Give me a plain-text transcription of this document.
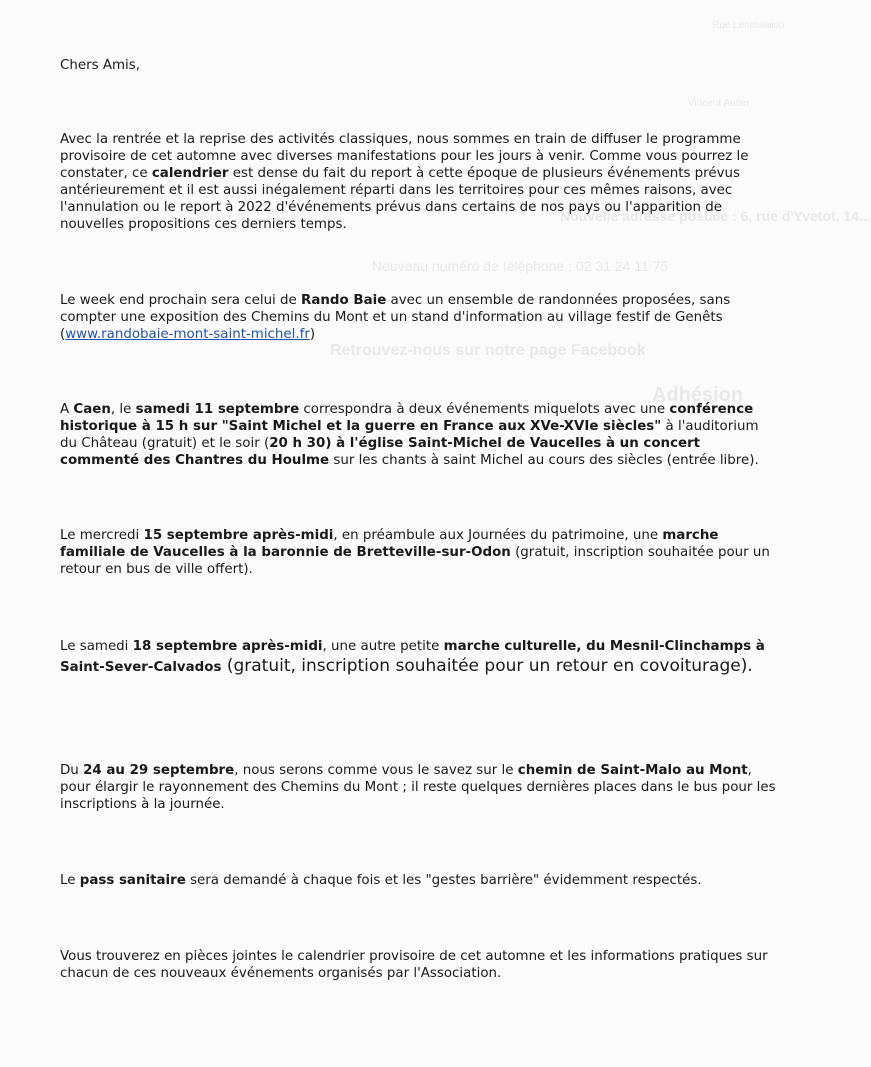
Rue Lendrawiso
Vincent Autier
Nouvelle adresse postale : 6, rue d'Yvetot, 14...
Nouveau numéro de téléphone : 02 31 24 11 75
Retrouvez-nous sur notre page Facebook
Adhésion

Chers Amis,

Avec la rentrée et la reprise des activités classiques, nous sommes en train de diffuser le programme provisoire de cet automne avec diverses manifestations pour les jours à venir. Comme vous pourrez le constater, ce calendrier est dense du fait du report à cette époque de plusieurs événements prévus antérieurement et il est aussi inégalement réparti dans les territoires pour ces mêmes raisons, avec l'annulation ou le report à 2022 d'événements prévus dans certains de nos pays ou l'apparition de nouvelles propositions ces derniers temps.

Le week end prochain sera celui de Rando Baie avec un ensemble de randonnées proposées, sans compter une exposition des Chemins du Mont et un stand d'information au village festif de Genêts (www.randobaie-mont-saint-michel.fr)

A Caen, le samedi 11 septembre correspondra à deux événements miquelots avec une conférence historique à 15 h sur "Saint Michel et la guerre en France aux XVe-XVIe siècles" à l'auditorium du Château (gratuit) et le soir (20 h 30) à l'église Saint-Michel de Vaucelles à un concert commenté des Chantres du Houlme sur les chants à saint Michel au cours des siècles (entrée libre).

Le mercredi 15 septembre après-midi, en préambule aux Journées du patrimoine, une marche familiale de Vaucelles à la baronnie de Bretteville-sur-Odon (gratuit, inscription souhaitée pour un retour en bus de ville offert).

Le samedi 18 septembre après-midi, une autre petite marche culturelle, du Mesnil-Clinchamps à Saint-Sever-Calvados (gratuit, inscription souhaitée pour un retour en covoiturage).

Du 24 au 29 septembre, nous serons comme vous le savez sur le chemin de Saint-Malo au Mont, pour élargir le rayonnement des Chemins du Mont ; il reste quelques dernières places dans le bus pour les inscriptions à la journée.

Le pass sanitaire sera demandé à chaque fois et les "gestes barrière" évidemment respectés.

Vous trouverez en pièces jointes le calendrier provisoire de cet automne et les informations pratiques sur chacun de ces nouveaux événements organisés par l'Association.
